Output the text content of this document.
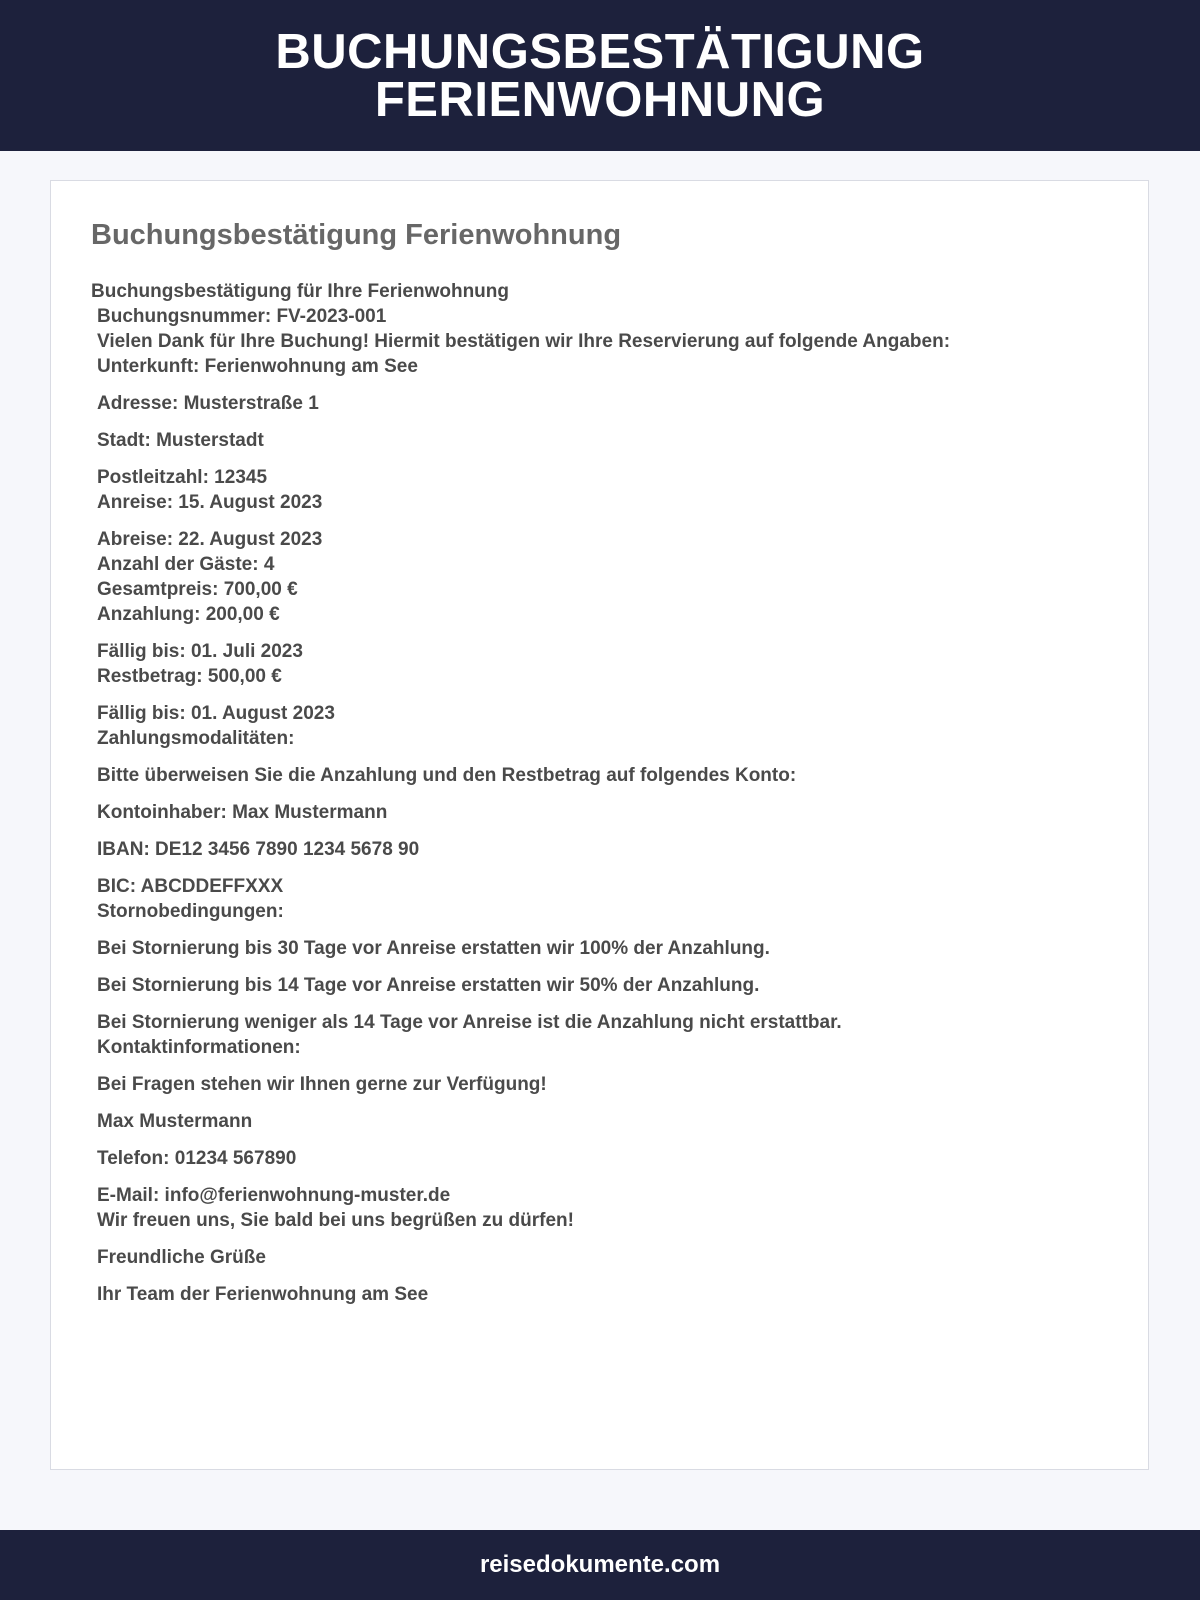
BUCHUNGSBESTÄTIGUNG
FERIENWOHNUNG
Buchungsbestätigung Ferienwohnung
Buchungsbestätigung für Ihre Ferienwohnung
Buchungsnummer: FV-2023-001
Vielen Dank für Ihre Buchung! Hiermit bestätigen wir Ihre Reservierung auf folgende Angaben:
Unterkunft: Ferienwohnung am See
Adresse: Musterstraße 1
Stadt: Musterstadt
Postleitzahl: 12345
Anreise: 15. August 2023
Abreise: 22. August 2023
Anzahl der Gäste: 4
Gesamtpreis: 700,00 €
Anzahlung: 200,00 €
Fällig bis: 01. Juli 2023
Restbetrag: 500,00 €
Fällig bis: 01. August 2023
Zahlungsmodalitäten:
Bitte überweisen Sie die Anzahlung und den Restbetrag auf folgendes Konto:
Kontoinhaber: Max Mustermann
IBAN: DE12 3456 7890 1234 5678 90
BIC: ABCDDEFFXXX
Stornobedingungen:
Bei Stornierung bis 30 Tage vor Anreise erstatten wir 100% der Anzahlung.
Bei Stornierung bis 14 Tage vor Anreise erstatten wir 50% der Anzahlung.
Bei Stornierung weniger als 14 Tage vor Anreise ist die Anzahlung nicht erstattbar.
Kontaktinformationen:
Bei Fragen stehen wir Ihnen gerne zur Verfügung!
Max Mustermann
Telefon: 01234 567890
E-Mail: info@ferienwohnung-muster.de
Wir freuen uns, Sie bald bei uns begrüßen zu dürfen!
Freundliche Grüße
Ihr Team der Ferienwohnung am See
reisedokumente.com
